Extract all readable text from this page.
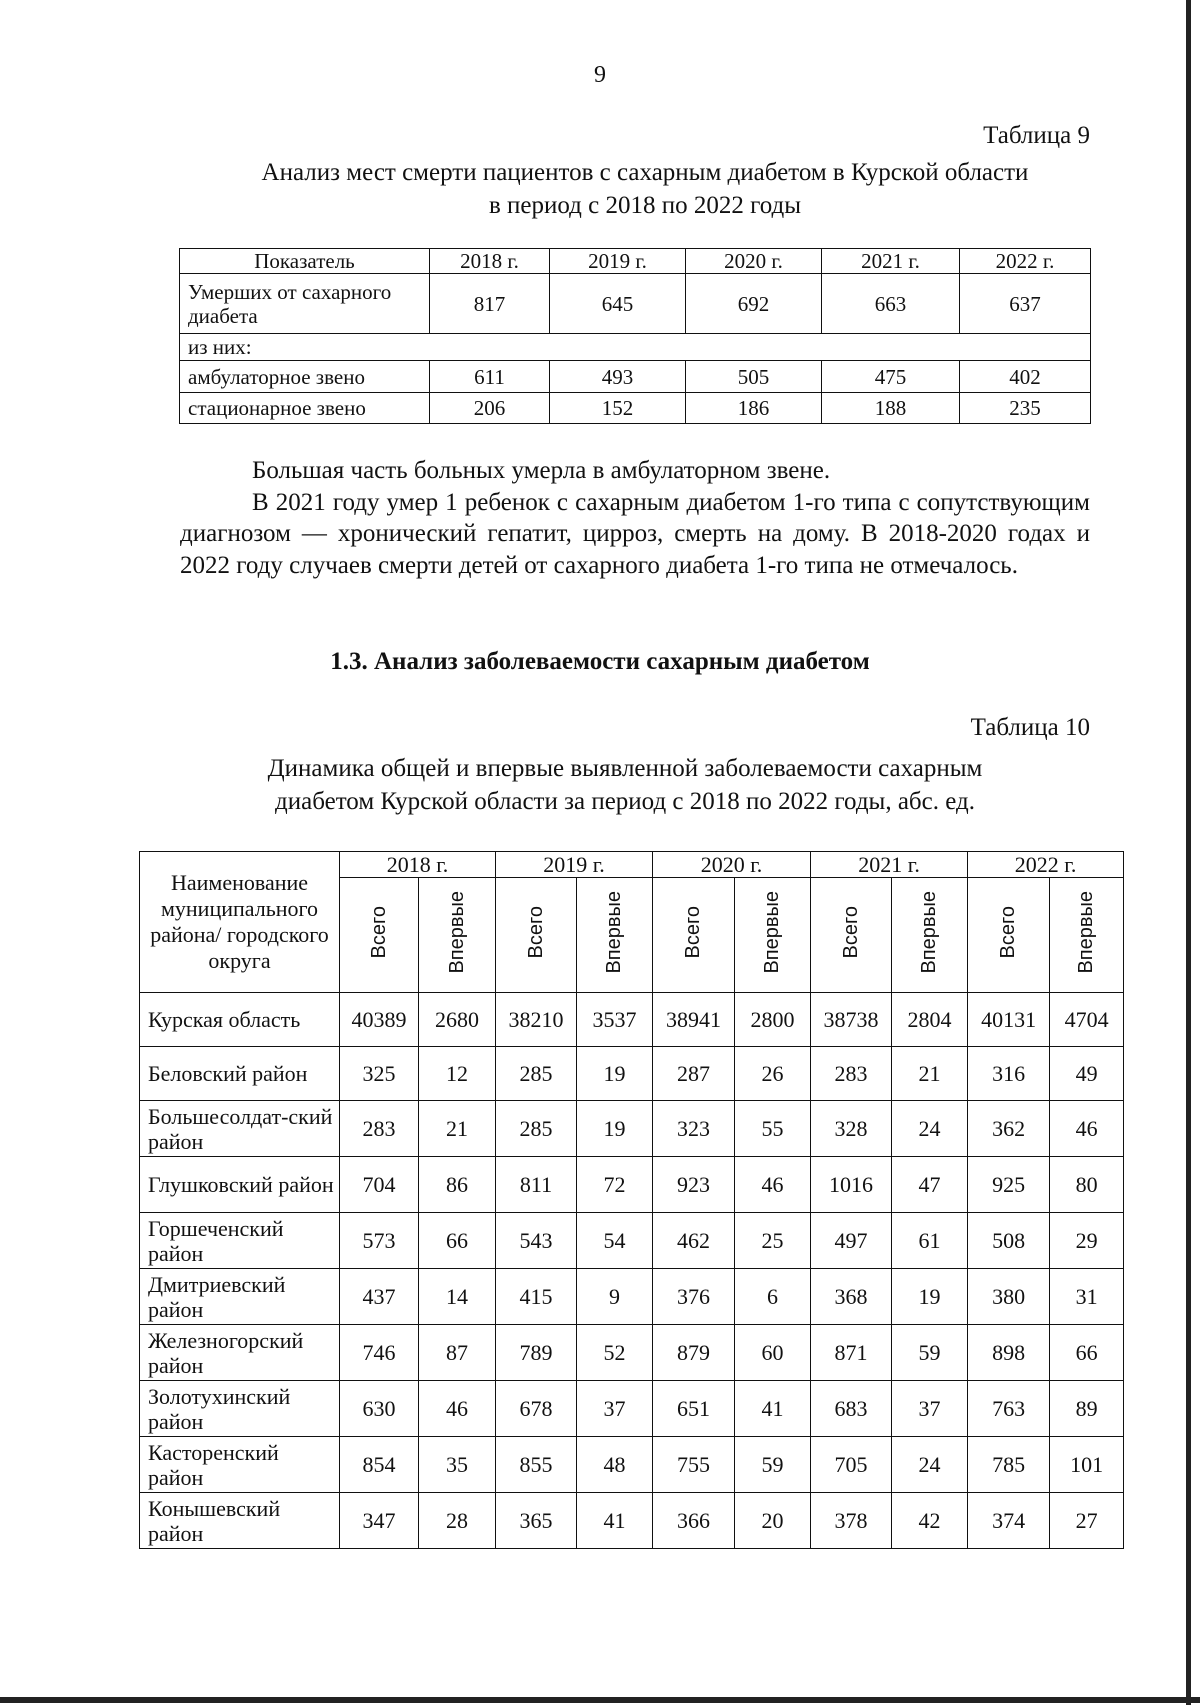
9
Таблица 9
Анализ мест смерти пациентов с сахарным диабетом в Курской области
в период с 2018 по 2022 годы
Показатель	2018 г.	2019 г.	2020 г.	2021 г.	2022 г.
Умерших от сахарного диабета	817	645	692	663	637
из них:					
амбулаторное звено	611	493	505	475	402
стационарное звено	206	152	186	188	235

Большая часть больных умерла в амбулаторном звене.

В 2021 году умер 1 ребенок с сахарным диабетом 1-го типа с сопутствующим диагнозом — хронический гепатит, цирроз, смерть на дому. В 2018-2020 годах и 2022 году случаев смерти детей от сахарного диабета 1-го типа не отмечалось.

1.3. Анализ заболеваемости сахарным диабетом
Таблица 10
Динамика общей и впервые выявленной заболеваемости сахарным
диабетом Курской области за период с 2018 по 2022 годы, абс. ед.
Наименование муниципального района/ городского округа	2018 г.		2019 г.		2020 г.		2021 г.		2022 г.	
	Всего	Впервые	Всего	Впервые	Всего	Впервые	Всего	Впервые	Всего	Впервые
Курская область	40389	2680	38210	3537	38941	2800	38738	2804	40131	4704
Беловский район	325	12	285	19	287	26	283	21	316	49
Большесолдат-ский район	283	21	285	19	323	55	328	24	362	46
Глушковский район	704	86	811	72	923	46	1016	47	925	80
Горшеченский район	573	66	543	54	462	25	497	61	508	29
Дмитриевский район	437	14	415	9	376	6	368	19	380	31
Железногорский район	746	87	789	52	879	60	871	59	898	66
Золотухинский район	630	46	678	37	651	41	683	37	763	89
Касторенский район	854	35	855	48	755	59	705	24	785	101
Конышевский район	347	28	365	41	366	20	378	42	374	27
